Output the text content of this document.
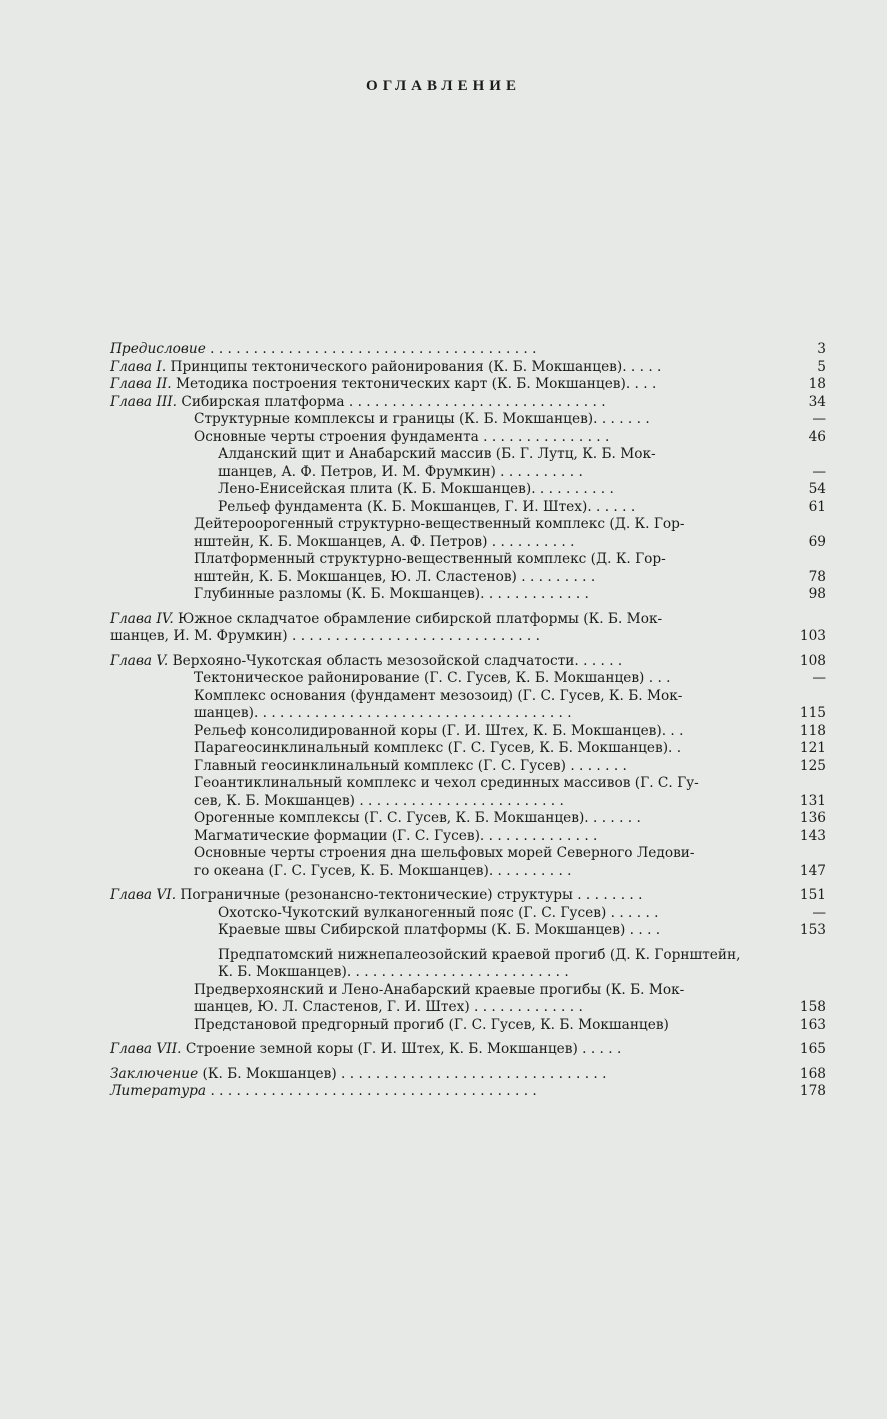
ОГЛАВЛЕНИЕ
Предисловие . . . . . . . . . . . . . . . . . . . . . . . . . . . . . . . . . . . . . .	3
Глава I. Принципы тектонического районирования (К. Б. Мокшанцев). . . . .	5
Глава II. Методика построения тектонических карт (К. Б. Мокшанцев). . . .	18
Глава III. Сибирская платформа . . . . . . . . . . . . . . . . . . . . . . . . . . . . . .	34
Структурные комплексы и границы (К. Б. Мокшанцев). . . . . . .	—
Основные черты строения фундамента . . . . . . . . . . . . . . .	46
Алданский щит и Анабарский массив (Б. Г. Лутц, К. Б. Мок-
шанцев, А. Ф. Петров, И. М. Фрумкин) . . . . . . . . . .	—
Лено-Енисейская плита (К. Б. Мокшанцев). . . . . . . . . .	54
Рельеф фундамента (К. Б. Мокшанцев, Г. И. Штех). . . . . .	61
Дейтероорогенный структурно-вещественный комплекс (Д. К. Гор-
нштейн, К. Б. Мокшанцев, А. Ф. Петров) . . . . . . . . . .	69
Платформенный структурно-вещественный комплекс (Д. К. Гор-
нштейн, К. Б. Мокшанцев, Ю. Л. Сластенов) . . . . . . . . .	78
Глубинные разломы (К. Б. Мокшанцев). . . . . . . . . . . . .	98
Глава IV. Южное складчатое обрамление сибирской платформы (К. Б. Мок-
шанцев, И. М. Фрумкин) . . . . . . . . . . . . . . . . . . . . . . . . . . . . .	103
Глава V. Верхояно-Чукотская область мезозойской сладчатости. . . . . .	108
Тектоническое районирование (Г. С. Гусев, К. Б. Мокшанцев) . . .	—
Комплекс основания (фундамент мезозоид) (Г. С. Гусев, К. Б. Мок-
шанцев). . . . . . . . . . . . . . . . . . . . . . . . . . . . . . . . . . . . .	115
Рельеф консолидированной коры (Г. И. Штех, К. Б. Мокшанцев). . .	118
Парагеосинклинальный комплекс (Г. С. Гусев, К. Б. Мокшанцев). .	121
Главный геосинклинальный комплекс (Г. С. Гусев) . . . . . . .	125
Геоантиклинальный комплекс и чехол срединных массивов (Г. С. Гу-
сев, К. Б. Мокшанцев) . . . . . . . . . . . . . . . . . . . . . . . .	131
Орогенные комплексы (Г. С. Гусев, К. Б. Мокшанцев). . . . . . .	136
Магматические формации (Г. С. Гусев). . . . . . . . . . . . . .	143
Основные черты строения дна шельфовых морей Северного Ледови-
го океана (Г. С. Гусев, К. Б. Мокшанцев). . . . . . . . . .	147
Глава VI. Пограничные (резонансно-тектонические) структуры . . . . . . . .	151
Охотско-Чукотский вулканогенный пояс (Г. С. Гусев) . . . . . .	—
Краевые швы Сибирской платформы (К. Б. Мокшанцев) . . . .	153
Предпатомский нижнепалеозойский краевой прогиб (Д. К. Горнштейн,
К. Б. Мокшанцев). . . . . . . . . . . . . . . . . . . . . . . . . .
Предверхоянский и Лено-Анабарский краевые прогибы (К. Б. Мок-
шанцев, Ю. Л. Сластенов, Г. И. Штех) . . . . . . . . . . . . .	158
Предстановой предгорный прогиб (Г. С. Гусев, К. Б. Мокшанцев)	163
Глава VII. Строение земной коры (Г. И. Штех, К. Б. Мокшанцев) . . . . .	165
Заключение (К. Б. Мокшанцев) . . . . . . . . . . . . . . . . . . . . . . . . . . . . . . .	168
Литература . . . . . . . . . . . . . . . . . . . . . . . . . . . . . . . . . . . . . .	178
